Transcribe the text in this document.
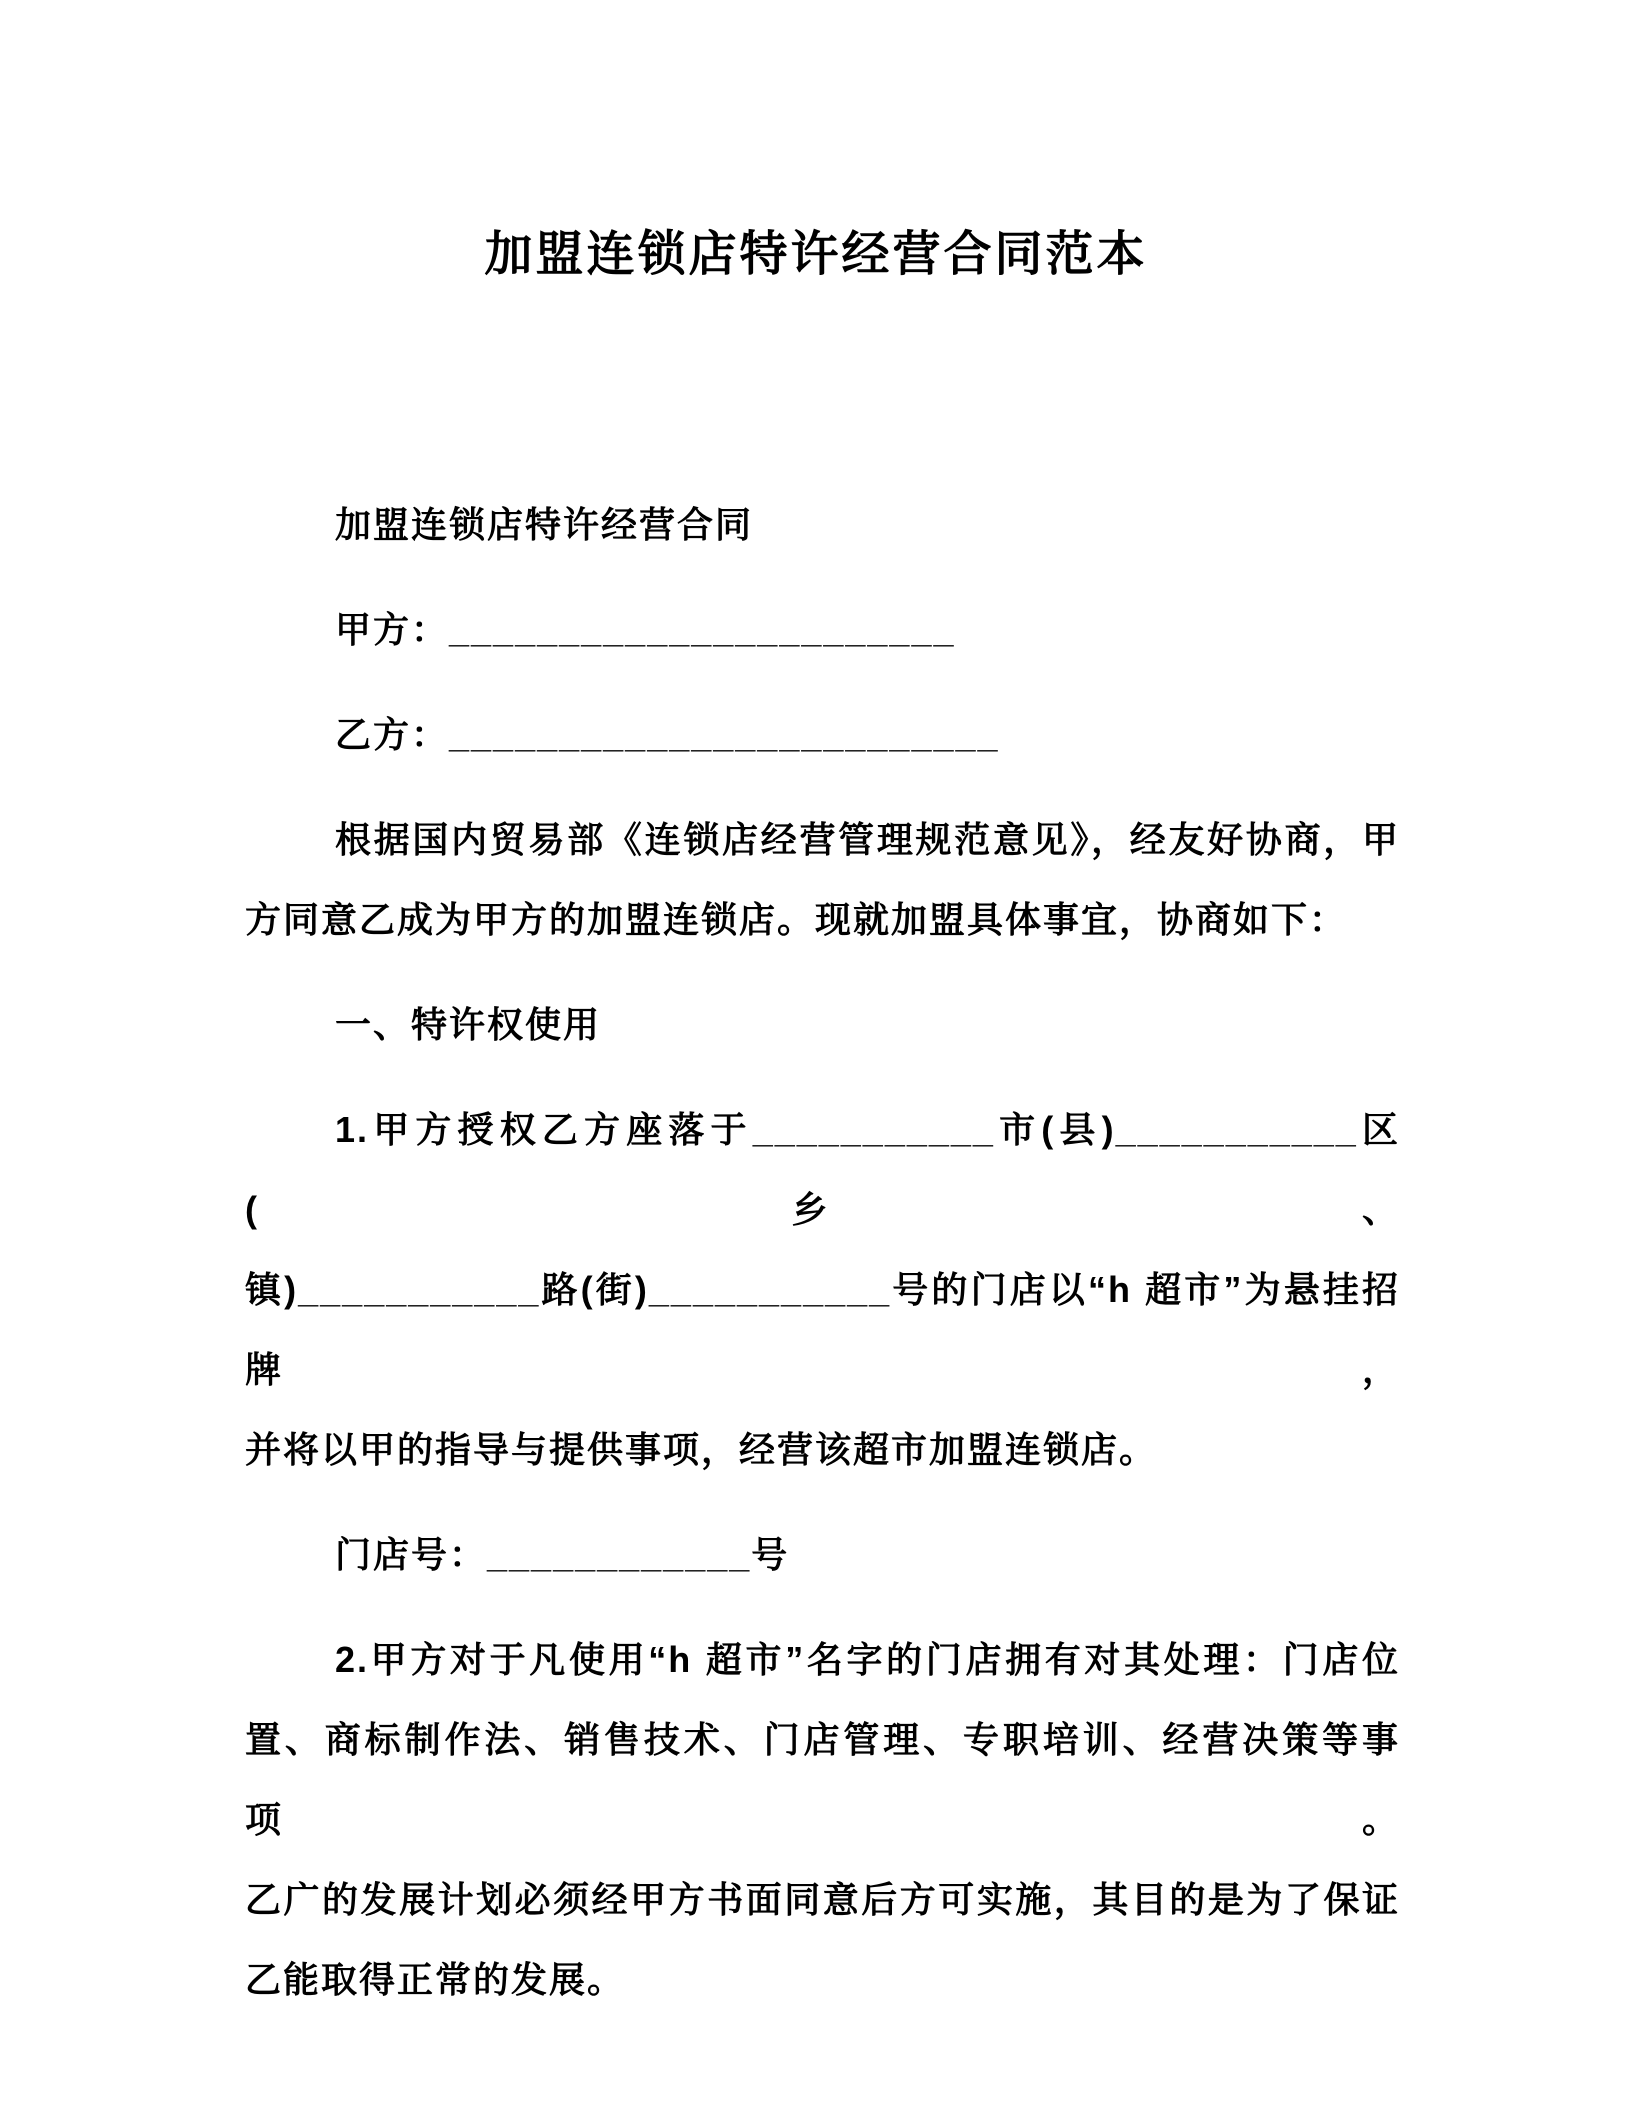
加盟连锁店特许经营合同范本

加盟连锁店特许经营合同

甲方：_______________________

乙方：_________________________

根据国内贸易部《连锁店经营管理规范意见》，经友好协商，甲
方同意乙成为甲方的加盟连锁店。现就加盟具体事宜，协商如下：

一、特许权使用

1.甲方授权乙方座落于___________市(县)___________区(乡、
镇)___________路(街)___________号的门店以“h 超市”为悬挂招牌，
并将以甲的指导与提供事项，经营该超市加盟连锁店。

门店号：____________号

2.甲方对于凡使用“h 超市”名字的门店拥有对其处理：门店位
置、商标制作法、销售技术、门店管理、专职培训、经营决策等事项。
乙广的发展计划必须经甲方书面同意后方可实施，其目的是为了保证
乙能取得正常的发展。
